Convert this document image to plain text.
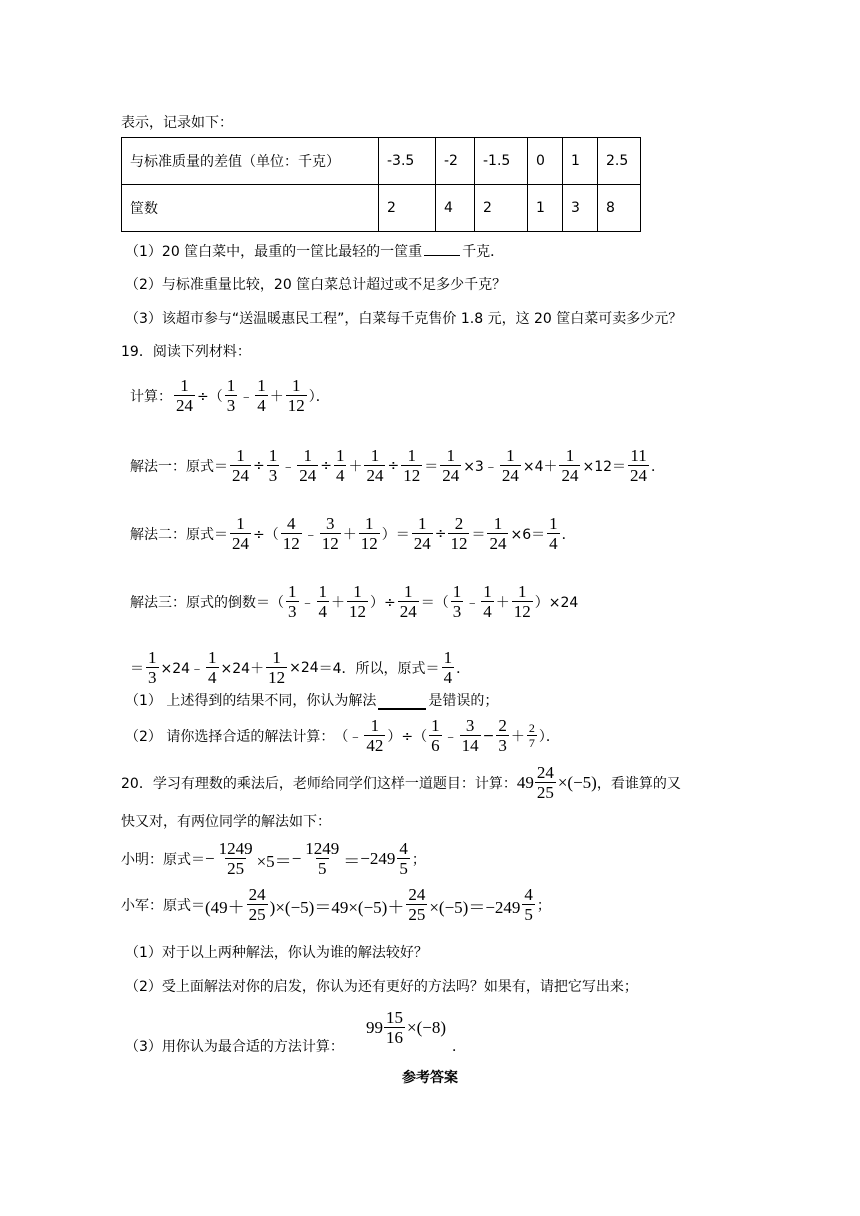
表示，记录如下：
与标准质量的差值（单位：千克）	-3.5	-2	-1.5	0	1	2.5
筐数	2	4	2	1	3	8
（1）20 筐白菜中，最重的一筐比最轻的一筐重	千克．
（2）与标准重量比较，20 筐白菜总计超过或不足多少千克？
（3）该超市参与“送温暖惠民工程”，白菜每千克售价 1.8 元，这 20 筐白菜可卖多少元？
19．阅读下列材料：
计算： $\frac{1}{24}$ ÷（ $\frac{1}{3}$ ﹣ $\frac{1}{4} + \frac{1}{12}$ ）．
解法一：原式＝ $\frac{1}{24} \div \frac{1}{3}$ ﹣ $\frac{1}{24} \div \frac{1}{4} + \frac{1}{24} \div \frac{1}{12} = \frac{1}{24}$ ×3﹣ $\frac{1}{24} \times 4+ \frac{1}{24} \times 12= \frac{11}{24}$ ．
解法二：原式＝ $\frac{1}{24}$ ÷（ $\frac{4}{12}$ ﹣ $\frac{3}{12} + \frac{1}{12}$ ）＝ $\frac{1}{24} \div \frac{2}{12} = \frac{1}{24} \times 6= \frac{1}{4}$ ．
解法三：原式的倒数＝（ $\frac{1}{3}$ ﹣ $\frac{1}{4} + \frac{1}{12}$ ）÷ $\frac{1}{24}$ ＝（ $\frac{1}{3}$ ﹣ $\frac{1}{4} + \frac{1}{12} )\times 24$
＝ $\frac{1}{3}$ ×24﹣ $\frac{1}{4} \times 24+ \frac{1}{12} \times 24 =4$．所以，原式＝ $\frac{1}{4}$ ．
（1） 上述得到的结果不同，你认为解法	是错误的；
（2） 请你选择合适的解法计算： （﹣ $\frac{1}{42}$ ）÷（ $\frac{1}{6}$ ﹣ $\frac{3}{14} - \frac{2}{3} + \frac{2}{7}$ ）．
20．学习有理数的乘法后，老师给同学们这样一道题目：计算： $49 \frac{24}{25} \times(-5)$ ，看谁算的又
快又对，有两位同学的解法如下：
小明：原式＝ − $\frac{1249}{25} \times 5= - \frac{1249}{5} = -249 \frac{4}{5}$ ；
小军：原式＝ $(49+ \frac{24}{25} )\times(-5)=49\times(-5)+ \frac{24}{25} \times(-5)=-249 \frac{4}{5}$ ；
（1）对于以上两种解法，你认为谁的解法较好？
（2）受上面解法对你的启发，你认为还有更好的方法吗？如果有，请把它写出来；
（3）用你认为最合适的方法计算：
$99 \frac{15}{16} \times(-8)$
．
参考答案
